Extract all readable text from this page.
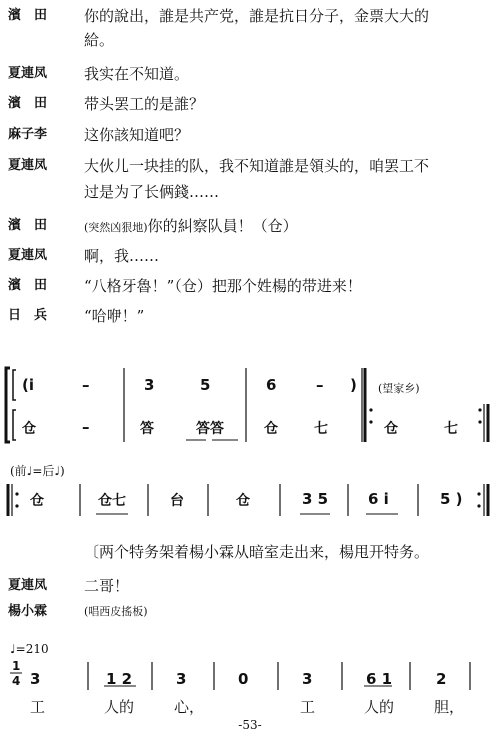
濱　田	你的說出，誰是共产党，誰是抗日分子，金票大大的
給。
夏連凤	我实在不知道。
濱　田	带头罢工的是誰？
麻子李	这你該知道吧？
夏連凤	大伙儿一块挂的队，我不知道誰是領头的，咱罢工不
过是为了长俩錢……
濱　田	(突然凶狠地)你的糾察队員！（仓）
夏連凤	啊，我……
濱　田	“八格牙魯！”（仓）把那个姓楊的带进来！
日　兵	“哈咿！”
(i	–	3	5	6	– ) (望家乡)
仓	–	答	答答	仓	七	仓	七
(前♩=后♩)
仓	仓七	台	仓	3 5	6 i	5 )
〔两个特务架着楊小霖从暗室走出来，楊甩开特务。
夏連凤	二哥！
楊小霖	(唱西皮搖板)
♩=210
1
4 3	1 2	3	0	3	6 1	2
工	人的	心，	工	人的	胆，
-53-
